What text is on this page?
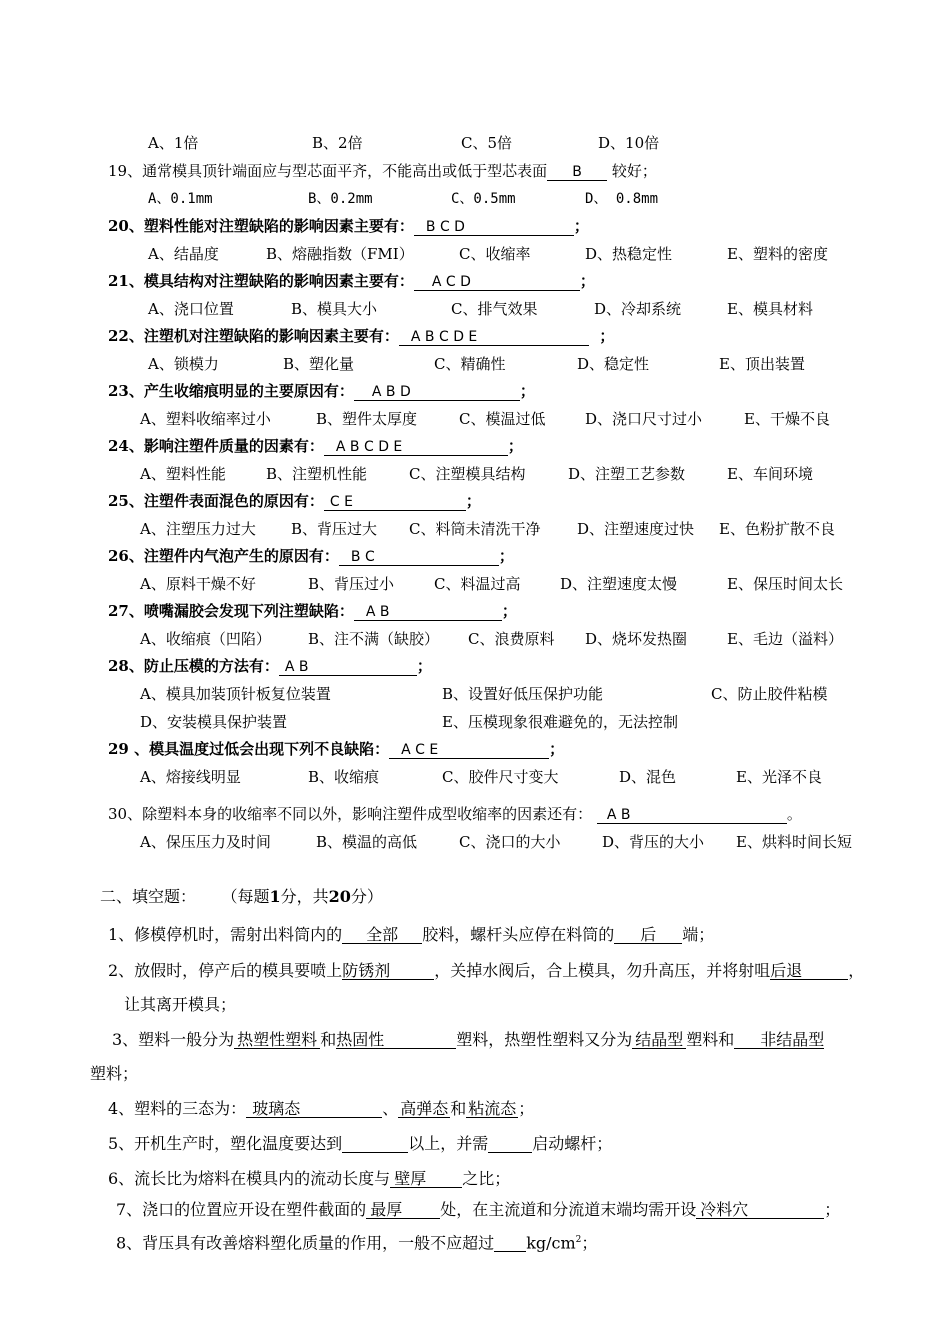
A、1倍	B、2倍	C、5倍	D、10倍
19、通常模具顶针端面应与型芯面平齐，不能高出或低于型芯表面 B 较好；
A、0.1mm	B、0.2mm	C、0.5mm	D、 0.8mm
20、塑料性能对注塑缺陷的影响因素主要有： B C D	；
A、结晶度	B、熔融指数（FMI）	C、收缩率	D、热稳定性	E、塑料的密度
21、模具结构对注塑缺陷的影响因素主要有： A C D	；
A、浇口位置	B、模具大小	C、排气效果	D、冷却系统	E、模具材料
22、注塑机对注塑缺陷的影响因素主要有： A B C D E	；
A、锁模力	B、塑化量	C、精确性	D、稳定性	E、顶出装置
23、产生收缩痕明显的主要原因有： A B D	；
A、塑料收缩率过小	B、塑件太厚度	C、模温过低	D、浇口尺寸过小	E、干燥不良
24、影响注塑件质量的因素有： A B C D E	；
A、塑料性能	B、注塑机性能	C、注塑模具结构	D、注塑工艺参数	E、车间环境
25、注塑件表面混色的原因有： C E	；
A、注塑压力过大 B、背压过大 C、料筒未清洗干净 D、注塑速度过快 E、色粉扩散不良
26、注塑件内气泡产生的原因有： B C	；
A、原料干燥不好	B、背压过小	C、料温过高	D、注塑速度太慢	E、保压时间太长
27、喷嘴漏胶会发现下列注塑缺陷： A B	；
A、收缩痕（凹陷） B、注不满（缺胶） C、浪费原料 D、烧坏发热圈	E、毛边（溢料）
28、防止压模的方法有： A B	；
A、模具加装顶针板复位装置	B、设置好低压保护功能	C、防止胶件粘模
D、安装模具保护装置	E、压模现象很难避免的，无法控制
29 、模具温度过低会出现下列不良缺陷： A C E	；
A、熔接线明显	B、收缩痕	C、胶件尺寸变大	D、混色	E、光泽不良
30、除塑料本身的收缩率不同以外，影响注塑件成型收缩率的因素还有： A B	。
A、保压压力及时间	B、模温的高低	C、浇口的大小	D、背压的大小 E、烘料时间长短
二、填空题： （每题1分，共20分）
1、修模停机时，需射出料筒内的 全部 胶料，螺杆头应停在料筒的 后 端；
2、放假时，停产后的模具要喷上防锈剂	，关掉水阀后，合上模具，勿升高压，并将射咀后退	，
让其离开模具；
3、塑料一般分为 热塑性塑料 和热固性	塑料，热塑性塑料又分为 结晶型 塑料和 非结晶型
塑料；
4、塑料的三态为： 玻璃态	、 高弹态 和 粘流态 ；
5、开机生产时，塑化温度要达到	以上，并需	启动螺杆；
6、流长比为熔料在模具内的流动长度与 壁厚 之比；
7、浇口的位置应开设在塑件截面的 最厚 处，在主流道和分流道末端均需开设 冷料穴	；
8、背压具有改善熔料塑化质量的作用，一般不应超过 $kg/cm^2$；
